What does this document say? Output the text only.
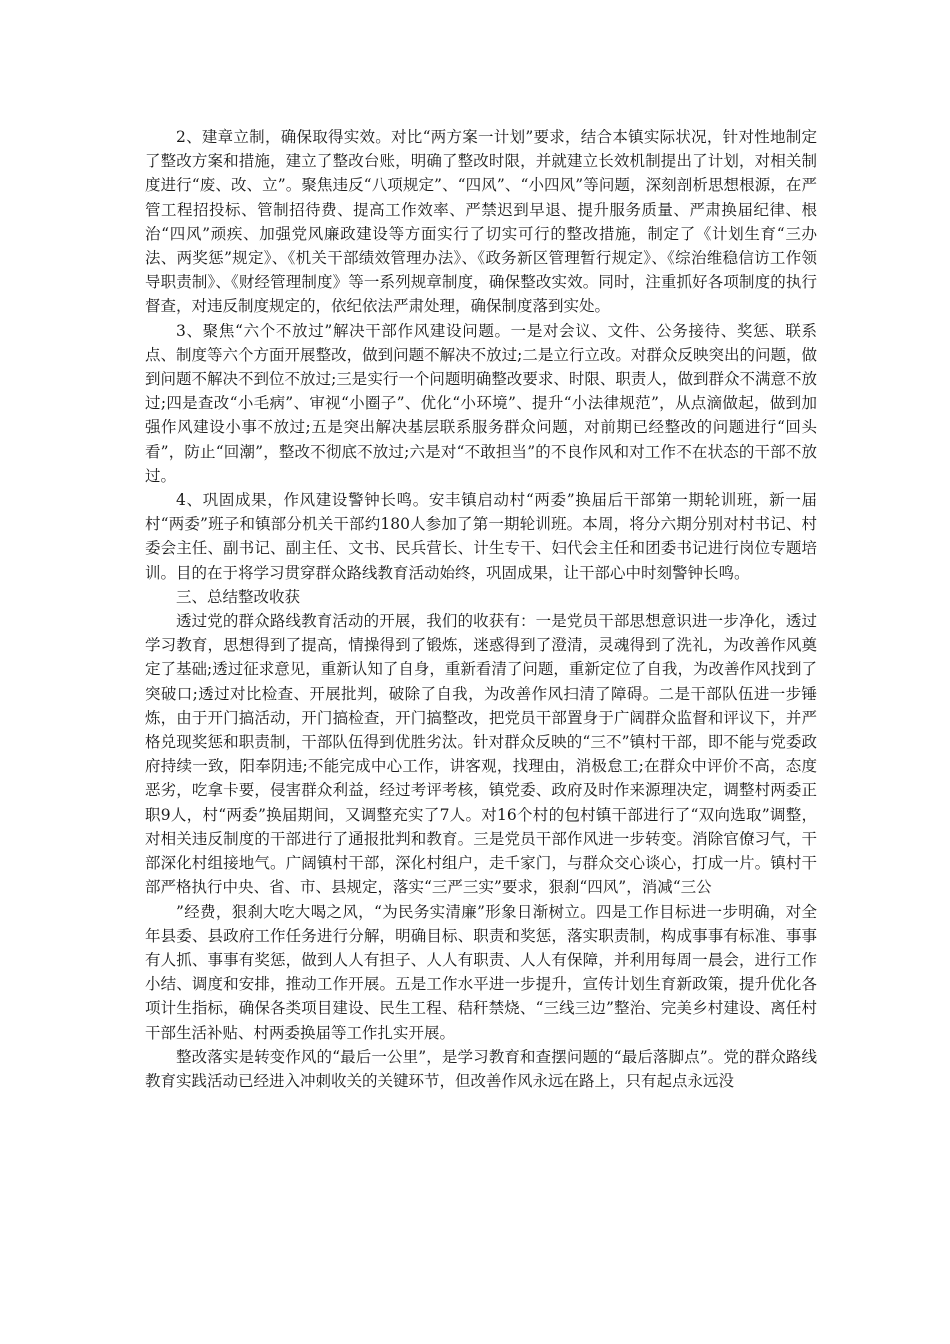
2、建章立制，确保取得实效。对比“两方案一计划”要求，结合本镇实际状况，针对性地制定了整改方案和措施，建立了整改台账，明确了整改时限，并就建立长效机制提出了计划，对相关制度进行“废、改、立”。聚焦违反“八项规定”、“四风”、“小四风”等问题，深刻剖析思想根源，在严管工程招投标、管制招待费、提高工作效率、严禁迟到早退、提升服务质量、严肃换届纪律、根治“四风”顽疾、加强党风廉政建设等方面实行了切实可行的整改措施，制定了《计划生育“三办法、两奖惩”规定》、《机关干部绩效管理办法》、《政务新区管理暂行规定》、《综治维稳信访工作领导职责制》、《财经管理制度》等一系列规章制度，确保整改实效。同时，注重抓好各项制度的执行督查，对违反制度规定的，依纪依法严肃处理，确保制度落到实处。

3、聚焦“六个不放过”解决干部作风建设问题。一是对会议、文件、公务接待、奖惩、联系点、制度等六个方面开展整改，做到问题不解决不放过;二是立行立改。对群众反映突出的问题，做到问题不解决不到位不放过;三是实行一个问题明确整改要求、时限、职责人，做到群众不满意不放过;四是查改“小毛病”、审视“小圈子”、优化“小环境”、提升“小法律规范”，从点滴做起，做到加强作风建设小事不放过;五是突出解决基层联系服务群众问题，对前期已经整改的问题进行“回头看”，防止“回潮”，整改不彻底不放过;六是对“不敢担当”的不良作风和对工作不在状态的干部不放过。

4、巩固成果，作风建设警钟长鸣。安丰镇启动村“两委”换届后干部第一期轮训班，新一届村“两委”班子和镇部分机关干部约180人参加了第一期轮训班。本周，将分六期分别对村书记、村委会主任、副书记、副主任、文书、民兵营长、计生专干、妇代会主任和团委书记进行岗位专题培训。目的在于将学习贯穿群众路线教育活动始终，巩固成果，让干部心中时刻警钟长鸣。

三、总结整改收获

透过党的群众路线教育活动的开展，我们的收获有：一是党员干部思想意识进一步净化，透过学习教育，思想得到了提高，情操得到了锻炼，迷惑得到了澄清，灵魂得到了洗礼，为改善作风奠定了基础;透过征求意见，重新认知了自身，重新看清了问题，重新定位了自我，为改善作风找到了突破口;透过对比检查、开展批判，破除了自我，为改善作风扫清了障碍。二是干部队伍进一步锤炼，由于开门搞活动，开门搞检查，开门搞整改，把党员干部置身于广阔群众监督和评议下，并严格兑现奖惩和职责制，干部队伍得到优胜劣汰。针对群众反映的“三不”镇村干部，即不能与党委政府持续一致，阳奉阴违;不能完成中心工作，讲客观，找理由，消极怠工;在群众中评价不高，态度恶劣，吃拿卡要，侵害群众利益，经过考评考核，镇党委、政府及时作来源理决定，调整村两委正职9人，村“两委”换届期间，又调整充实了7人。对16个村的包村镇干部进行了“双向选取”调整，对相关违反制度的干部进行了通报批判和教育。三是党员干部作风进一步转变。消除官僚习气，干部深化村组接地气。广阔镇村干部，深化村组户，走千家门，与群众交心谈心，打成一片。镇村干部严格执行中央、省、市、县规定，落实“三严三实”要求，狠刹“四风”，消减“三公

”经费，狠刹大吃大喝之风，“为民务实清廉”形象日渐树立。四是工作目标进一步明确，对全年县委、县政府工作任务进行分解，明确目标、职责和奖惩，落实职责制，构成事事有标准、事事有人抓、事事有奖惩，做到人人有担子、人人有职责、人人有保障，并利用每周一晨会，进行工作小结、调度和安排，推动工作开展。五是工作水平进一步提升，宣传计划生育新政策，提升优化各项计生指标，确保各类项目建设、民生工程、秸秆禁烧、“三线三边”整治、完美乡村建设、离任村干部生活补贴、村两委换届等工作扎实开展。

整改落实是转变作风的“最后一公里”，是学习教育和查摆问题的“最后落脚点”。党的群众路线教育实践活动已经进入冲刺收关的关键环节，但改善作风永远在路上，只有起点永远没
